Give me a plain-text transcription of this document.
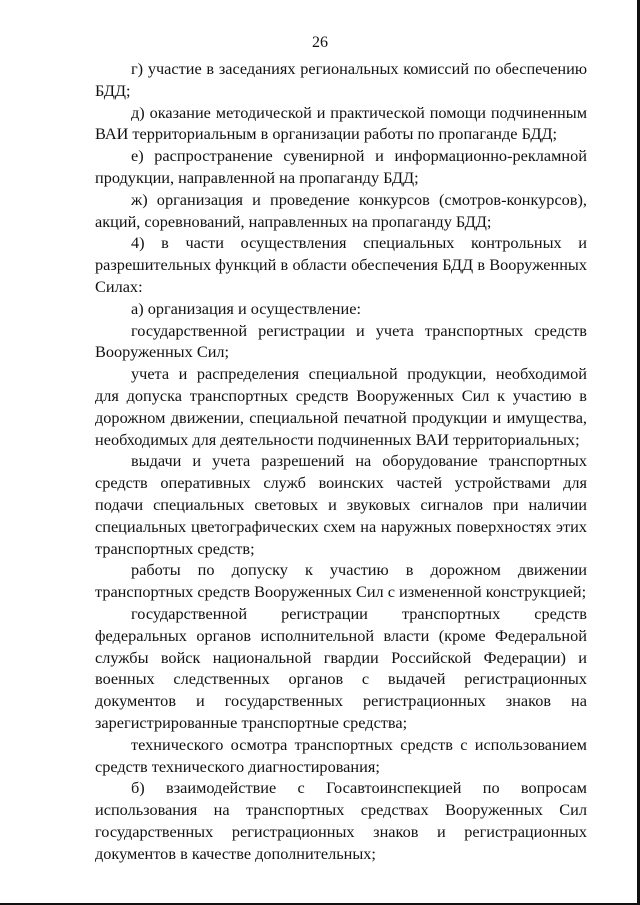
26

г) участие в заседаниях региональных комиссий по обеспечению БДД;

д) оказание методической и практической помощи подчиненным ВАИ территориальным в организации работы по пропаганде БДД;

е) распространение сувенирной и информационно-рекламной продукции, направленной на пропаганду БДД;

ж) организация и проведение конкурсов (смотров-конкурсов), акций, соревнований, направленных на пропаганду БДД;

4) в части осуществления специальных контрольных и разрешительных функций в области обеспечения БДД в Вооруженных Силах:

а) организация и осуществление:

государственной регистрации и учета транспортных средств Вооруженных Сил;

учета и распределения специальной продукции, необходимой для допуска транспортных средств Вооруженных Сил к участию в дорожном движении, специальной печатной продукции и имущества, необходимых для деятельности подчиненных ВАИ территориальных;

выдачи и учета разрешений на оборудование транспортных средств оперативных служб воинских частей устройствами для подачи специальных световых и звуковых сигналов при наличии специальных цветографических схем на наружных поверхностях этих транспортных средств;

работы по допуску к участию в дорожном движении транспортных средств Вооруженных Сил с измененной конструкцией;

государственной регистрации транспортных средств федеральных органов исполнительной власти (кроме Федеральной службы войск национальной гвардии Российской Федерации) и военных следственных органов с выдачей регистрационных документов и государственных регистрационных знаков на зарегистрированные транспортные средства;

технического осмотра транспортных средств с использованием средств технического диагностирования;

б) взаимодействие с Госавтоинспекцией по вопросам использования на транспортных средствах Вооруженных Сил государственных регистрационных знаков и регистрационных документов в качестве дополнительных;
